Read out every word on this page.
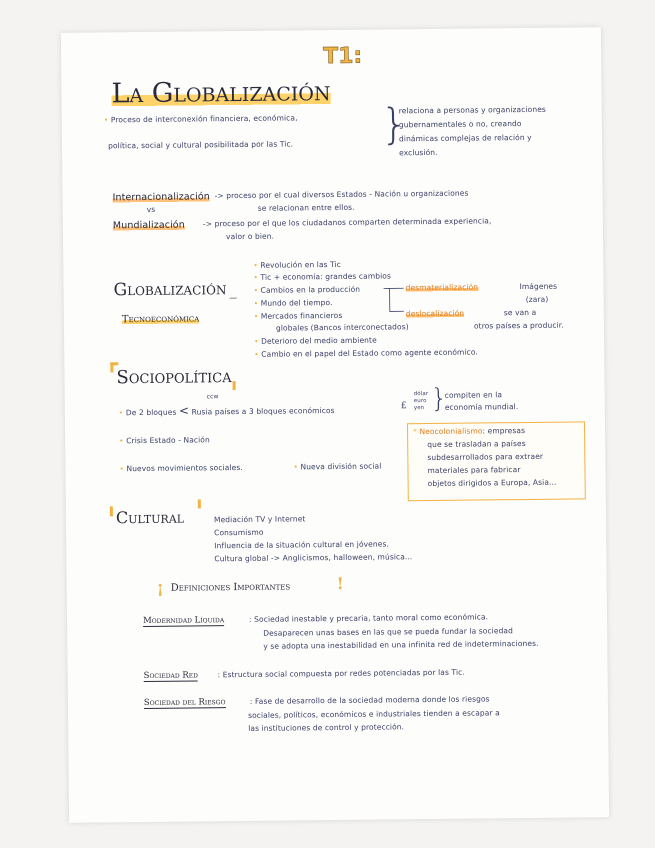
T1:
La Globalización
• Proceso de interconexión financiera, económica,
política, social y cultural posibilitada por las Tic. }
relaciona a personas y organizaciones
gubernamentales o no, creando
dinámicas complejas de relación y
exclusión.
Internacionalización -> proceso por el cual diversos Estados - Nación u organizaciones
se relacionan entre ellos.
vs
Mundialización -> proceso por el que los ciudadanos comparten determinada experiencia,
valor o bien.
Globalización _
Tecnoeconómica
• Revolución en las Tic
• Tic + economía: grandes cambios
• Cambios en la producción
• Mundo del tiempo.
• Mercados financieros
globales (Bancos interconectados)
• Deterioro del medio ambiente
• Cambio en el papel del Estado como agente económico.
desmaterialización	Imágenes
(zara)
deslocalización	se van a
otros países a producir.
Sociopolítica
• De 2 bloques < Rusia países a 3 bloques económicos
ccw
£
dólar
euro
yen }
compiten en la
economía mundial.
• Crisis Estado - Nación
• Nuevos movimientos sociales.	• Nueva división social
* Neocolonialismo: empresas
que se trasladan a países
subdesarrollados para extraer
materiales para fabricar
objetos dirigidos a Europa, Asia...
Cultural	Mediación TV y Internet
Consumismo
Influencia de la situación cultural en jóvenes.
Cultura global -> Anglicismos, halloween, música...
¡ Definiciones Importantes	!
Modernidad Líquida	: Sociedad inestable y precaria, tanto moral como económica.
Desaparecen unas bases en las que se pueda fundar la sociedad
y se adopta una inestabilidad en una infinita red de indeterminaciones.
Sociedad Red	: Estructura social compuesta por redes potenciadas por las Tic.
Sociedad del Riesgo	: Fase de desarrollo de la sociedad moderna donde los riesgos
sociales, políticos, económicos e industriales tienden a escapar a
las instituciones de control y protección.
